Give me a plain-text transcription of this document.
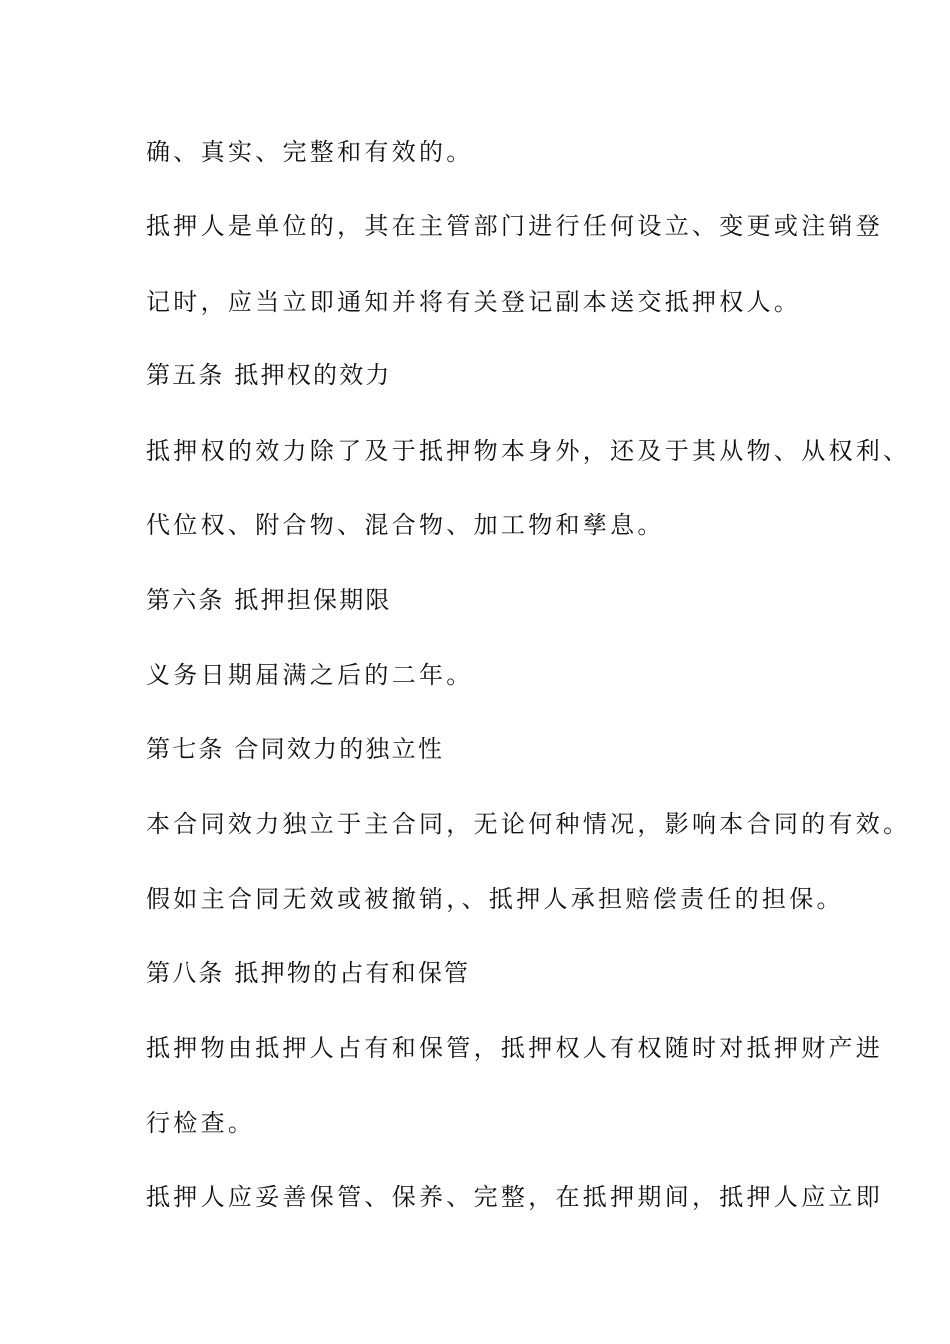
确、真实、完整和有效的。
抵押人是单位的，其在主管部门进行任何设立、变更或注销登
记时，应当立即通知并将有关登记副本送交抵押权人。
第五条 抵押权的效力
抵押权的效力除了及于抵押物本身外，还及于其从物、从权利、
代位权、附合物、混合物、加工物和孳息。
第六条 抵押担保期限
义务日期届满之后的二年。
第七条 合同效力的独立性
本合同效力独立于主合同，无论何种情况，影响本合同的有效。
假如主合同无效或被撤销，、抵押人承担赔偿责任的担保。
第八条 抵押物的占有和保管
抵押物由抵押人占有和保管，抵押权人有权随时对抵押财产进
行检查。
抵押人应妥善保管、保养、完整，在抵押期间，抵押人应立即
